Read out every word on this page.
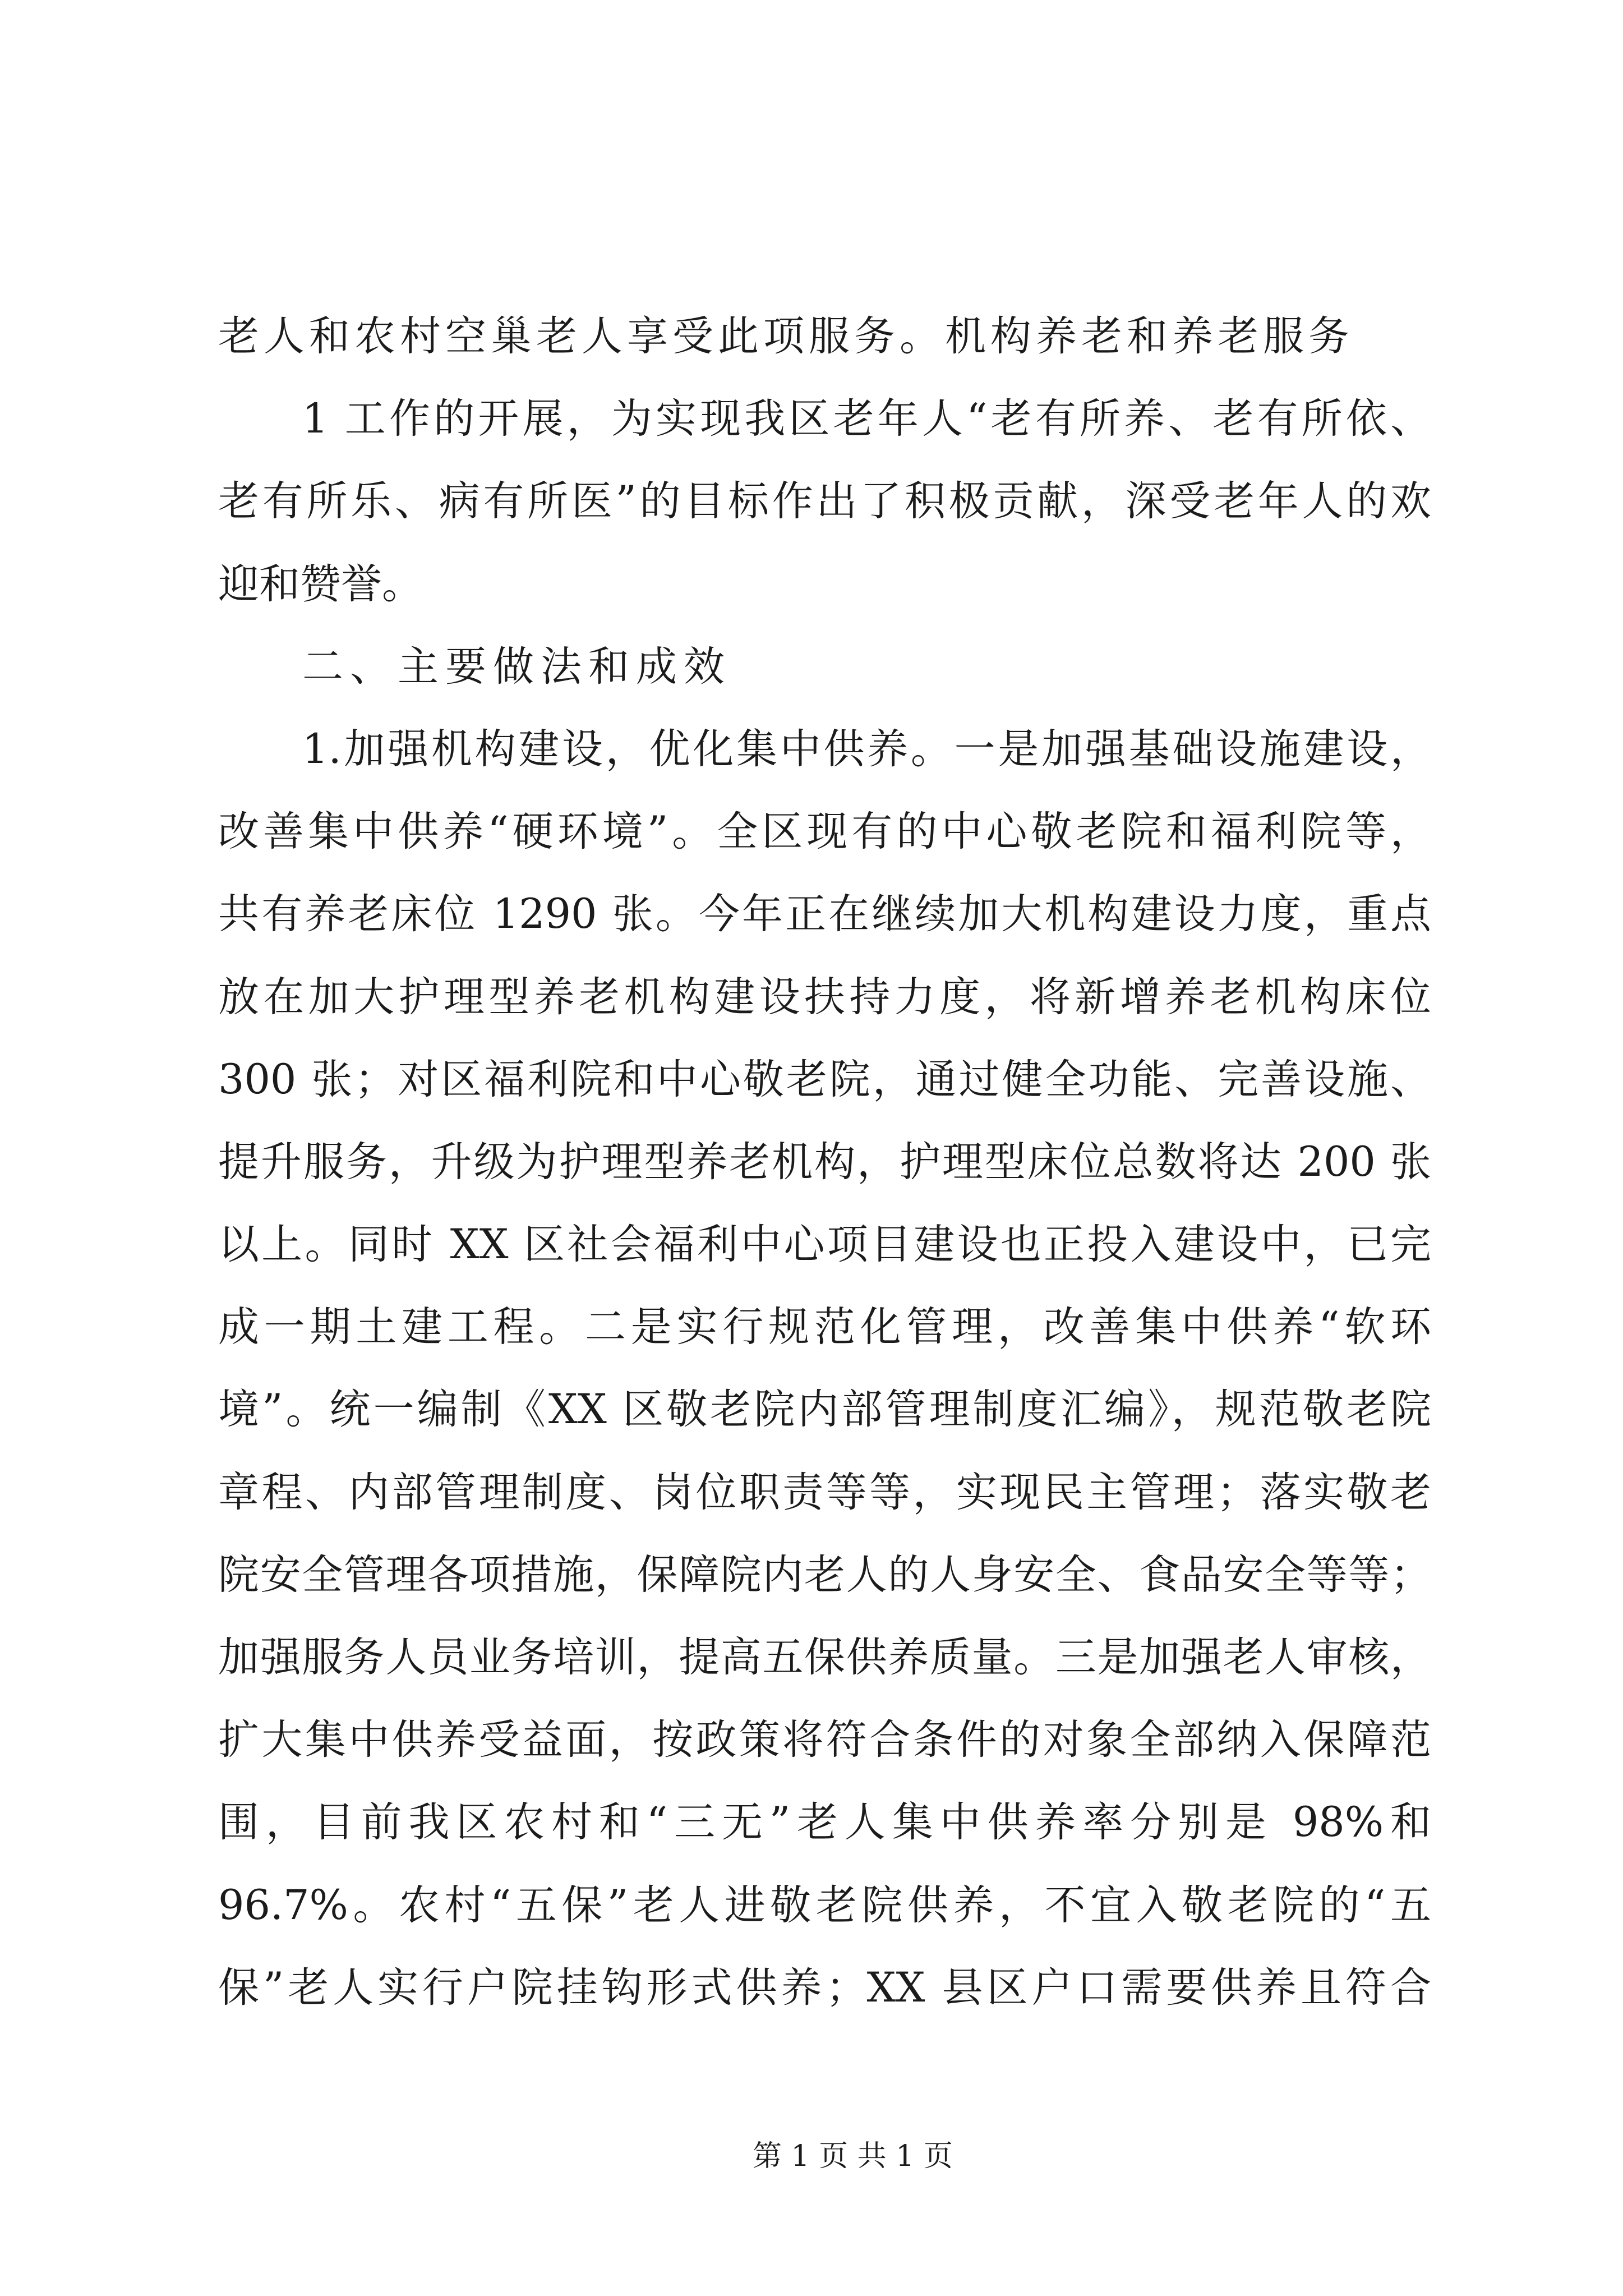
老人和农村空巢老人享受此项服务。机构养老和养老服务
1 工作的开展，为实现我区老年人“老有所养、老有所依、
老有所乐、病有所医”的目标作出了积极贡献，深受老年人的欢
迎和赞誉。
二、主要做法和成效
1.加强机构建设，优化集中供养。一是加强基础设施建设，
改善集中供养“硬环境”。全区现有的中心敬老院和福利院等，
共有养老床位 1290 张。今年正在继续加大机构建设力度，重点
放在加大护理型养老机构建设扶持力度，将新增养老机构床位
300 张；对区福利院和中心敬老院，通过健全功能、完善设施、
提升服务，升级为护理型养老机构，护理型床位总数将达 200 张
以上。同时 XX 区社会福利中心项目建设也正投入建设中，已完
成一期土建工程。二是实行规范化管理，改善集中供养“软环
境”。统一编制《XX 区敬老院内部管理制度汇编》，规范敬老院
章程、内部管理制度、岗位职责等等，实现民主管理；落实敬老
院安全管理各项措施，保障院内老人的人身安全、食品安全等等；
加强服务人员业务培训，提高五保供养质量。三是加强老人审核，
扩大集中供养受益面，按政策将符合条件的对象全部纳入保障范
围，目前我区农村和“三无”老人集中供养率分别是 98%和
96.7%。农村“五保”老人进敬老院供养，不宜入敬老院的“五
保”老人实行户院挂钩形式供养；XX 县区户口需要供养且符合
第 1 页 共 1 页
